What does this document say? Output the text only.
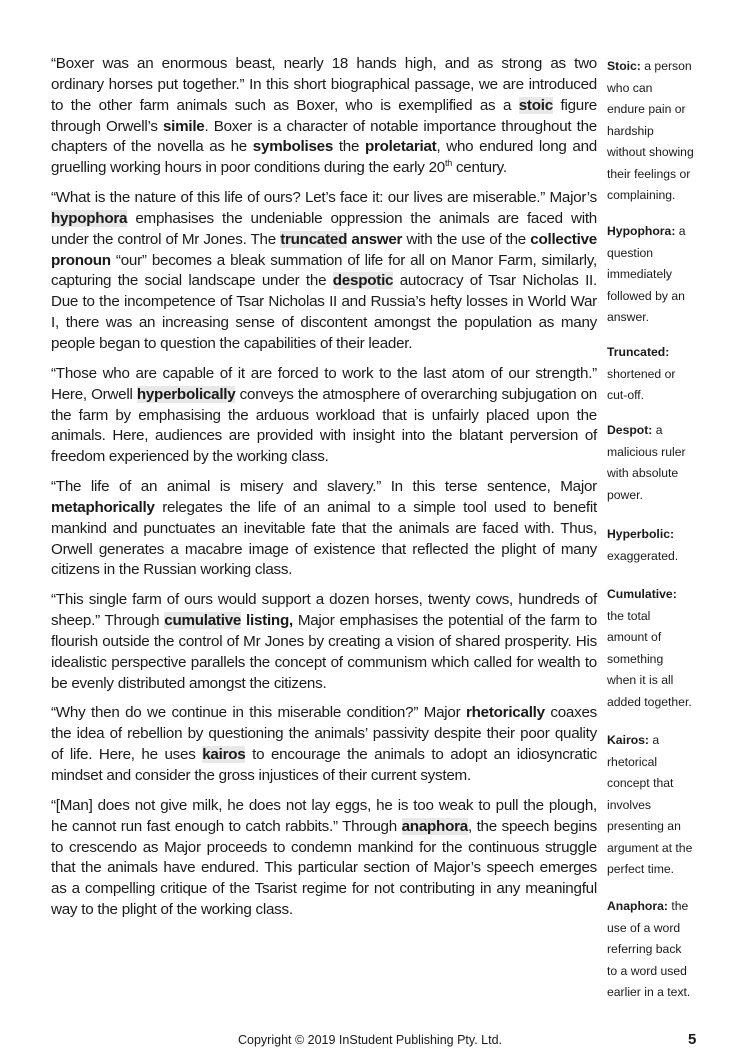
“Boxer was an enormous beast, nearly 18 hands high, and as strong as two ordinary horses put together.” In this short biographical passage, we are introduced to the other farm animals such as Boxer, who is exemplified as a stoic figure through Orwell’s simile. Boxer is a character of notable importance throughout the chapters of the novella as he symbolises the proletariat, who endured long and gruelling working hours in poor conditions during the early 20th century.

“What is the nature of this life of ours? Let’s face it: our lives are miserable.” Major’s hypophora emphasises the undeniable oppression the animals are faced with under the control of Mr Jones. The truncated answer with the use of the collective pronoun “our” becomes a bleak summation of life for all on Manor Farm, similarly, capturing the social landscape under the despotic autocracy of Tsar Nicholas II. Due to the incompetence of Tsar Nicholas II and Russia’s hefty losses in World War I, there was an increasing sense of discontent amongst the population as many people began to question the capabilities of their leader.

“Those who are capable of it are forced to work to the last atom of our strength.” Here, Orwell hyperbolically conveys the atmosphere of overarching subjugation on the farm by emphasising the arduous workload that is unfairly placed upon the animals. Here, audiences are provided with insight into the blatant perversion of freedom experienced by the working class.

“The life of an animal is misery and slavery.” In this terse sentence, Major metaphorically relegates the life of an animal to a simple tool used to benefit mankind and punctuates an inevitable fate that the animals are faced with. Thus, Orwell generates a macabre image of existence that reflected the plight of many citizens in the Russian working class.

“This single farm of ours would support a dozen horses, twenty cows, hundreds of sheep.” Through cumulative listing, Major emphasises the potential of the farm to flourish outside the control of Mr Jones by creating a vision of shared prosperity. His idealistic perspective parallels the concept of communism which called for wealth to be evenly distributed amongst the citizens.

“Why then do we continue in this miserable condition?” Major rhetorically coaxes the idea of rebellion by questioning the animals’ passivity despite their poor quality of life. Here, he uses kairos to encourage the animals to adopt an idiosyncratic mindset and consider the gross injustices of their current system.

“[Man] does not give milk, he does not lay eggs, he is too weak to pull the plough, he cannot run fast enough to catch rabbits.” Through anaphora, the speech begins to crescendo as Major proceeds to condemn mankind for the continuous struggle that the animals have endured. This particular section of Major’s speech emerges as a compelling critique of the Tsarist regime for not contributing in any meaningful way to the plight of the working class.

Stoic: a person
who can
endure pain or
hardship
without showing
their feelings or
complaining.
Hypophora: a
question
immediately
followed by an
answer.
Truncated:
shortened or
cut-off.
Despot: a
malicious ruler
with absolute
power.
Hyperbolic:
exaggerated.
Cumulative:
the total
amount of
something
when it is all
added together.
Kairos: a
rhetorical
concept that
involves
presenting an
argument at the
perfect time.
Anaphora: the
use of a word
referring back
to a word used
earlier in a text.
Copyright © 2019 InStudent Publishing Pty. Ltd.	5
